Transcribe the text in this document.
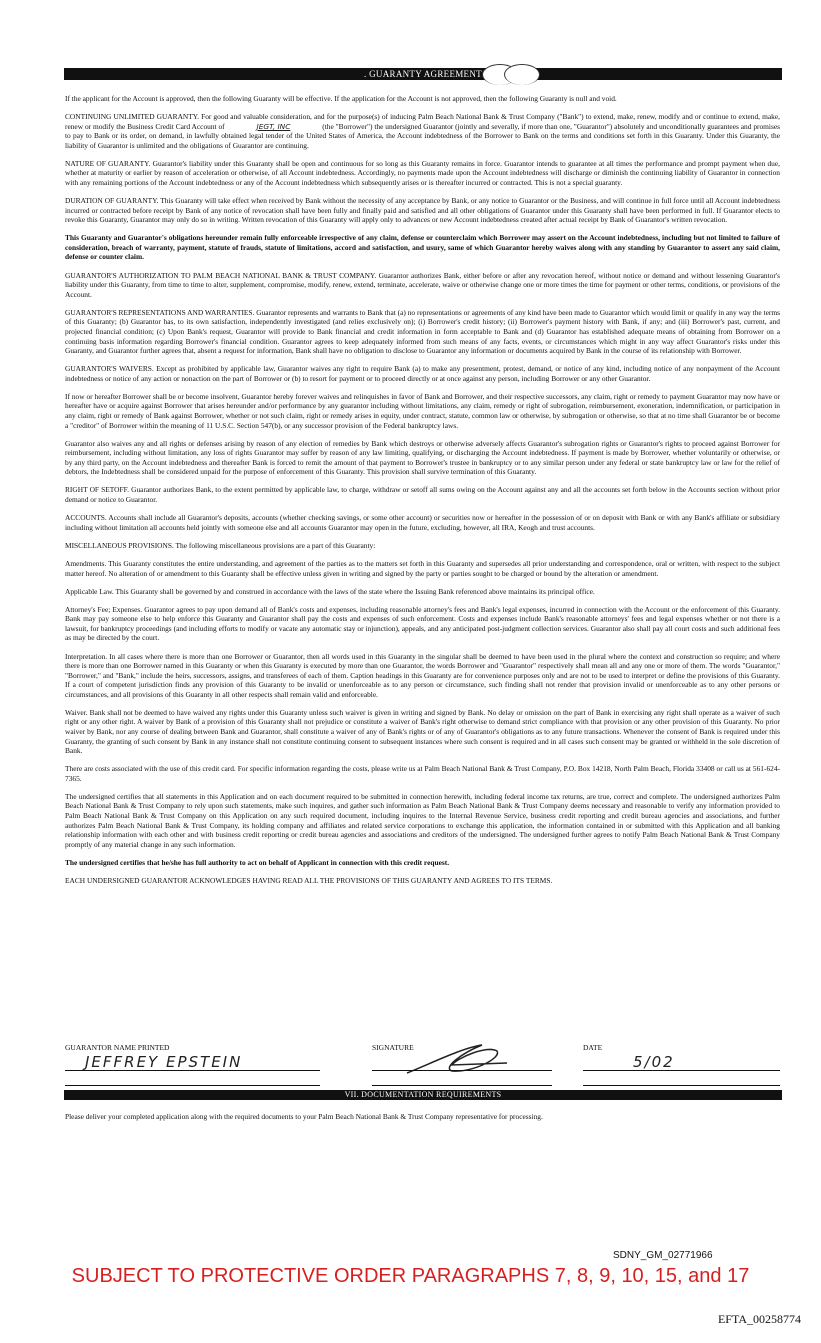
. GUARANTY AGREEMENT

If the applicant for the Account is approved, then the following Guaranty will be effective. If the application for the Account is not approved, then the following Guaranty is null and void.

CONTINUING UNLIMITED GUARANTY. For good and valuable consideration, and for the purpose(s) of inducing Palm Beach National Bank & Trust Company ("Bank") to extend, make, renew, modify and or continue to extend, make, renew or modify the Business Credit Card Account of	JEGT, INC	(the "Borrower") the undersigned Guarantor (jointly and severally, if more than one, "Guarantor") absolutely and unconditionally guarantees and promises to pay to Bank or its order, on demand, in lawfully obtained legal tender of the United States of America, the Account indebtedness of the Borrower to Bank on the terms and conditions set forth in this Guaranty. Under this Guaranty, the liability of Guarantor is unlimited and the obligations of Guarantor are continuing.

NATURE OF GUARANTY. Guarantor's liability under this Guaranty shall be open and continuous for so long as this Guaranty remains in force. Guarantor intends to guarantee at all times the performance and prompt payment when due, whether at maturity or earlier by reason of acceleration or otherwise, of all Account indebtedness. Accordingly, no payments made upon the Account indebtedness will discharge or diminish the continuing liability of Guarantor in connection with any remaining portions of the Account indebtedness or any of the Account indebtedness which subsequently arises or is thereafter incurred or contracted. This is not a special guaranty.

DURATION OF GUARANTY. This Guaranty will take effect when received by Bank without the necessity of any acceptance by Bank, or any notice to Guarantor or the Business, and will continue in full force until all Account indebtedness incurred or contracted before receipt by Bank of any notice of revocation shall have been fully and finally paid and satisfied and all other obligations of Guarantor under this Guaranty shall have been performed in full. If Guarantor elects to revoke this Guaranty, Guarantor may only do so in writing. Written revocation of this Guaranty will apply only to advances or new Account indebtedness created after actual receipt by Bank of Guarantor's written revocation.

This Guaranty and Guarantor's obligations hereunder remain fully enforceable irrespective of any claim, defense or counterclaim which Borrower may assert on the Account indebtedness, including but not limited to failure of consideration, breach of warranty, payment, statute of frauds, statute of limitations, accord and satisfaction, and usury, same of which Guarantor hereby waives along with any standing by Guarantor to assert any said claim, defense or counter claim.

GUARANTOR'S AUTHORIZATION TO PALM BEACH NATIONAL BANK & TRUST COMPANY. Guarantor authorizes Bank, either before or after any revocation hereof, without notice or demand and without lessening Guarantor's liability under this Guaranty, from time to time to alter, supplement, compromise, modify, renew, extend, terminate, accelerate, waive or otherwise change one or more times the time for payment or other terms, conditions, or provisions of the Account.

GUARANTOR'S REPRESENTATIONS AND WARRANTIES. Guarantor represents and warrants to Bank that (a) no representations or agreements of any kind have been made to Guarantor which would limit or qualify in any way the terms of this Guaranty; (b) Guarantor has, to its own satisfaction, independently investigated (and relies exclusively on); (i) Borrower's credit history; (ii) Borrower's payment history with Bank, if any; and (iii) Borrower's past, current, and projected financial condition; (c) Upon Bank's request, Guarantor will provide to Bank financial and credit information in form acceptable to Bank and (d) Guarantor has established adequate means of obtaining from Borrower on a continuing basis information regarding Borrower's financial condition. Guarantor agrees to keep adequately informed from such means of any facts, events, or circumstances which might in any way affect Guarantor's risks under this Guaranty, and Guarantor further agrees that, absent a request for information, Bank shall have no obligation to disclose to Guarantor any information or documents acquired by Bank in the course of its relationship with Borrower.

GUARANTOR'S WAIVERS. Except as prohibited by applicable law, Guarantor waives any right to require Bank (a) to make any presentment, protest, demand, or notice of any kind, including notice of any nonpayment of the Account indebtedness or notice of any action or nonaction on the part of Borrower or (b) to resort for payment or to proceed directly or at once against any person, including Borrower or any other Guarantor.

If now or hereafter Borrower shall be or become insolvent, Guarantor hereby forever waives and relinquishes in favor of Bank and Borrower, and their respective successors, any claim, right or remedy to payment Guarantor may now have or hereafter have or acquire against Borrower that arises hereunder and/or performance by any guarantor including without limitations, any claim, remedy or right of subrogation, reimbursement, exoneration, indemnification, or participation in any claim, right or remedy of Bank against Borrower, whether or not such claim, right or remedy arises in equity, under contract, statute, common law or otherwise, by subrogation or otherwise, so that at no time shall Guarantor be or become a "creditor" of Borrower within the meaning of 11 U.S.C. Section 547(b), or any successor provision of the Federal bankruptcy laws.

Guarantor also waives any and all rights or defenses arising by reason of any election of remedies by Bank which destroys or otherwise adversely affects Guarantor's subrogation rights or Guarantor's rights to proceed against Borrower for reimbursement, including without limitation, any loss of rights Guarantor may suffer by reason of any law limiting, qualifying, or discharging the Account indebtedness. If payment is made by Borrower, whether voluntarily or otherwise, or by any third party, on the Account indebtedness and thereafter Bank is forced to remit the amount of that payment to Borrower's trustee in bankruptcy or to any similar person under any federal or state bankruptcy law or law for the relief of debtors, the Indebtedness shall be considered unpaid for the purpose of enforcement of this Guaranty. This provision shall survive termination of this Guaranty.

RIGHT OF SETOFF. Guarantor authorizes Bank, to the extent permitted by applicable law, to charge, withdraw or setoff all sums owing on the Account against any and all the accounts set forth below in the Accounts section without prior demand or notice to Guarantor.

ACCOUNTS. Accounts shall include all Guarantor's deposits, accounts (whether checking savings, or some other account) or securities now or hereafter in the possession of or on deposit with Bank or with any Bank's affiliate or subsidiary including without limitation all accounts held jointly with someone else and all accounts Guarantor may open in the future, excluding, however, all IRA, Keogh and trust accounts.

MISCELLANEOUS PROVISIONS. The following miscellaneous provisions are a part of this Guaranty:

Amendments. This Guaranty constitutes the entire understanding, and agreement of the parties as to the matters set forth in this Guaranty and supersedes all prior understanding and correspondence, oral or written, with respect to the subject matter hereof. No alteration of or amendment to this Guaranty shall be effective unless given in writing and signed by the party or parties sought to be charged or bound by the alteration or amendment.

Applicable Law. This Guaranty shall be governed by and construed in accordance with the laws of the state where the Issuing Bank referenced above maintains its principal office.

Attorney's Fee; Expenses. Guarantor agrees to pay upon demand all of Bank's costs and expenses, including reasonable attorney's fees and Bank's legal expenses, incurred in connection with the Account or the enforcement of this Guaranty. Bank may pay someone else to help enforce this Guaranty and Guarantor shall pay the costs and expenses of such enforcement. Costs and expenses include Bank's reasonable attorneys' fees and legal expenses whether or not there is a lawsuit, for bankruptcy proceedings (and including efforts to modify or vacate any automatic stay or injunction), appeals, and any anticipated post-judgment collection services. Guarantor also shall pay all court costs and such additional fees as may be directed by the court.

Interpretation. In all cases where there is more than one Borrower or Guarantor, then all words used in this Guaranty in the singular shall be deemed to have been used in the plural where the context and construction so require; and where there is more than one Borrower named in this Guaranty or when this Guaranty is executed by more than one Guarantor, the words Borrower and "Guarantor" respectively shall mean all and any one or more of them. The words "Guarantor," "Borrower," and "Bank," include the heirs, successors, assigns, and transferees of each of them. Caption headings in this Guaranty are for convenience purposes only and are not to be used to interpret or define the provisions of this Guaranty. If a court of competent jurisdiction finds any provision of this Guaranty to be invalid or unenforceable as to any person or circumstance, such finding shall not render that provision invalid or unenforceable as to any other persons or circumstances, and all provisions of this Guaranty in all other respects shall remain valid and enforceable.

Waiver. Bank shall not be deemed to have waived any rights under this Guaranty unless such waiver is given in writing and signed by Bank. No delay or omission on the part of Bank in exercising any right shall operate as a waiver of such right or any other right. A waiver by Bank of a provision of this Guaranty shall not prejudice or constitute a waiver of Bank's right otherwise to demand strict compliance with that provision or any other provision of this Guaranty. No prior waiver by Bank, nor any course of dealing between Bank and Guarantor, shall constitute a waiver of any of Bank's rights or of any of Guarantor's obligations as to any future transactions. Whenever the consent of Bank is required under this Guaranty, the granting of such consent by Bank in any instance shall not constitute continuing consent to subsequent instances where such consent is required and in all cases such consent may be granted or withheld in the sole discretion of Bank.

There are costs associated with the use of this credit card. For specific information regarding the costs, please write us at Palm Beach National Bank & Trust Company, P.O. Box 14218, North Palm Beach, Florida 33408 or call us at 561-624-7365.

The undersigned certifies that all statements in this Application and on each document required to be submitted in connection herewith, including federal income tax returns, are true, correct and complete. The undersigned authorizes Palm Beach National Bank & Trust Company to rely upon such statements, make such inquires, and gather such information as Palm Beach National Bank & Trust Company deems necessary and reasonable to verify any information provided to Palm Beach National Bank & Trust Company on this Application on any such required document, including inquires to the Internal Revenue Service, business credit reporting and credit bureau agencies and associations, and further authorizes Palm Beach National Bank & Trust Company, its holding company and affiliates and related service corporations to exchange this application, the information contained in or submitted with this Application and all banking relationship information with each other and with business credit reporting or credit bureau agencies and associations and creditors of the undersigned. The undersigned further agrees to notify Palm Beach National Bank & Trust Company promptly of any material change in any such information.

The undersigned certifies that he/she has full authority to act on behalf of Applicant in connection with this credit request.

EACH UNDERSIGNED GUARANTOR ACKNOWLEDGES HAVING READ ALL THE PROVISIONS OF THIS GUARANTY AND AGREES TO ITS TERMS.

GUARANTOR NAME PRINTED
JEFFREY EPSTEIN
SIGNATURE	DATE
5/02
VII. DOCUMENTATION REQUIREMENTS
Please deliver your completed application along with the required documents to your Palm Beach National Bank & Trust Company representative for processing.
SDNY_GM_02771966
SUBJECT TO PROTECTIVE ORDER PARAGRAPHS 7, 8, 9, 10, 15, and 17
EFTA_00258774
